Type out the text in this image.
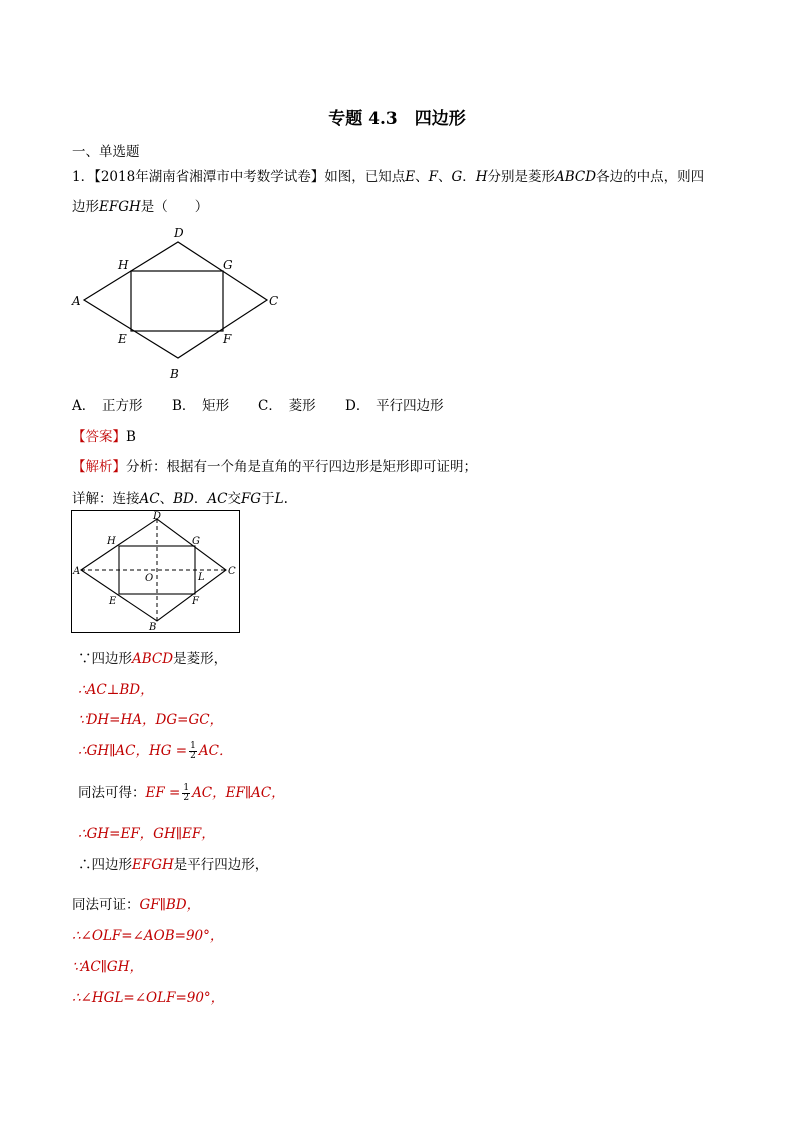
专题 4.3　四边形
一、单选题
1．【2018年湖南省湘潭市中考数学试卷】如图，已知点E、F、G．H分别是菱形ABCD各边的中点，则四
边形EFGH是（　　）
D
H	G
A	C
E	F
B
A．　正方形 B．　矩形 C．　菱形 D．　平行四边形
【答案】B
【解析】分析：根据有一个角是直角的平行四边形是矩形即可证明；
详解：连接AC、BD．AC交FG于L.
D
H	G
A	C
O	L
E	F
B
∵四边形ABCD是菱形，
∴AC⊥BD，
∵DH=HA，DG=GC，
∴GH∥AC，HG = $\frac{1}{2}$ AC．
同法可得：EF = $\frac{1}{2}$ AC，EF∥AC，
∴GH=EF，GH∥EF，
∴四边形EFGH是平行四边形，
同法可证：GF∥BD，
∴∠OLF=∠AOB=90°，
∵AC∥GH，
∴∠HGL=∠OLF=90°，
